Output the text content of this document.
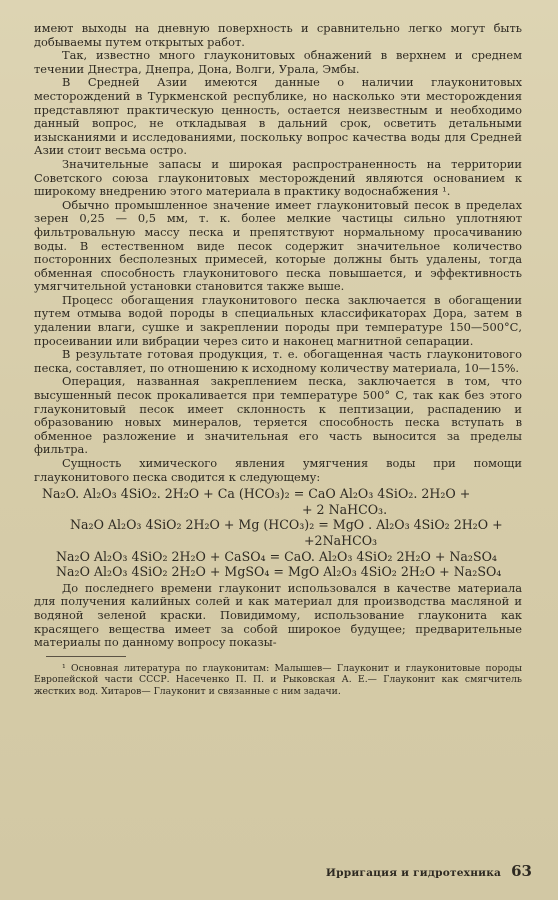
имеют выходы на дневную поверхность и сравнительно легко могут быть добываемы путем открытых работ.

Так, известно много глауконитовых обнажений в верхнем и среднем течении Днестра, Днепра, Дона, Волги, Урала, Эмбы.

В Средней Азии имеются данные о наличии глауконитовых месторождений в Туркменской республике, но насколько эти месторождения представляют практическую ценность, остается неизвестным и необходимо данный вопрос, не откладывая в дальний срок, осветить детальными изысканиями и исследованиями, поскольку вопрос качества воды для Средней Азии стоит весьма остро.

Значительные запасы и широкая распространенность на территории Советского союза глауконитовых месторождений являются основанием к широкому внедрению этого материала в практику водоснабжения ¹.

Обычно промышленное значение имеет глауконитовый песок в пределах зерен 0,25 — 0,5 мм, т. к. более мелкие частицы сильно уплотняют фильтровальную массу песка и препятствуют нормальному просачиванию воды. В естественном виде песок содержит значительное количество посторонних бесполезных примесей, которые должны быть удалены, тогда обменная способность глауконитового песка повышается, и эффективность умягчительной установки становится также выше.

Процесс обогащения глауконитового песка заключается в обогащении путем отмыва водой породы в специальных классификаторах Дора, затем в удалении влаги, сушке и закреплении породы при температуре 150—500°С, просеивании или вибрации через сито и наконец магнитной сепарации.

В результате готовая продукция, т. е. обогащенная часть глауконитового песка, составляет, по отношению к исходному количеству материала, 10—15%.

Операция, названная закреплением песка, заключается в том, что высушенный песок прокаливается при температуре 500° С, так как без этого глауконитовый песок имеет склонность к пептизации, распадению и образованию новых минералов, теряется способность песка вступать в обменное разложение и значительная его часть выносится за пределы фильтра.

Сущность химического явления умягчения воды при помощи глауконитового песка сводится к следующему:

Na₂O. Al₂O₃ 4SiO₂. 2H₂O + Ca (HCO₃)₂ = CaO Al₂O₃ 4SiO₂. 2H₂O +
+ 2 NaHCO₃.
Na₂O Al₂O₃ 4SiO₂ 2H₂O + Mg (HCO₃)₂ = MgO . Al₂O₃ 4SiO₂ 2H₂O +
+2NaHCO₃
Na₂O Al₂O₃ 4SiO₂ 2H₂O + CaSO₄ = CaO. Al₂O₃ 4SiO₂ 2H₂O + Na₂SO₄
Na₂O Al₂O₃ 4SiO₂ 2H₂O + MgSO₄ = MgO Al₂O₃ 4SiO₂ 2H₂O + Na₂SO₄

До последнего времени глауконит использовался в качестве материала для получения калийных солей и как материал для производства масляной и водяной зеленой краски. Повидимому, использование глауконита как красящего вещества имеет за собой широкое будущее; предварительные материалы по данному вопросу показы-

¹ Основная литература по глауконитам: Малышев— Глауконит и глауконитовые породы Европейской части СССР. Насеченко П. П. и Рыковская А. Е.— Глауконит как смягчитель жестких вод. Хитаров— Глауконит и связанные с ним задачи.
Ирригация и гидротехника 63
